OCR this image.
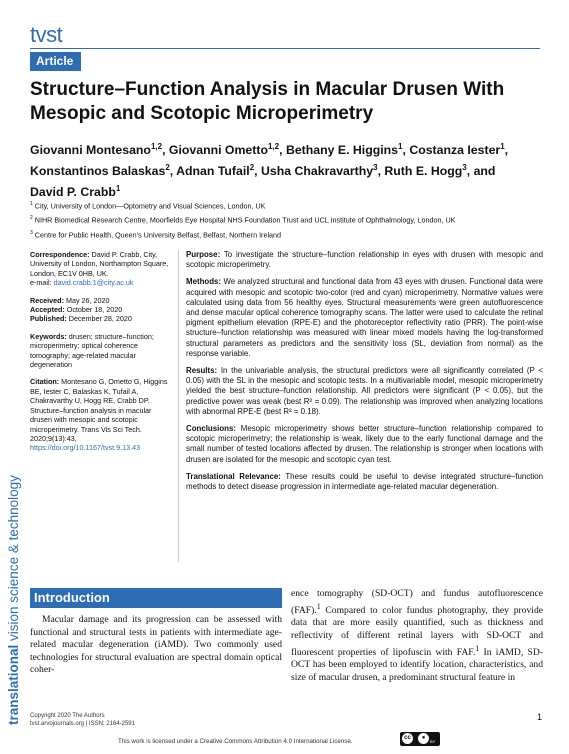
tvst
Article
Structure–Function Analysis in Macular Drusen With Mesopic and Scotopic Microperimetry
Giovanni Montesano$^{1,2}$, Giovanni Ometto$^{1,2}$, Bethany E. Higgins$^1$, Costanza Iester$^1$,
Konstantinos Balaskas$^2$, Adnan Tufail$^2$, Usha Chakravarthy$^3$, Ruth E. Hogg$^3$, and
David P. Crabb$^1$
$^1$ City, University of London—Optometry and Visual Sciences, London, UK
$^2$ NIHR Biomedical Research Centre, Moorfields Eye Hospital NHS Foundation Trust and UCL Institute of Ophthalmology, London, UK
$^3$ Centre for Public Health, Queen's University Belfast, Belfast, Northern Ireland
Correspondence: David P. Crabb, City, University of London, Northampton Square, London, EC1V 0HB, UK.
e-mail: david.crabb.1@city.ac.uk
Received: May 26, 2020
Accepted: October 18, 2020
Published: December 28, 2020
Keywords: drusen; structure–function; microperimetry; optical coherence tomography; age-related macular degeneration
Citation: Montesano G, Ometto G, Higgins BE, Iester C, Balaskas K, Tufail A, Chakravarthy U, Hogg RE, Crabb DP. Structure–function analysis in macular drusen with mesopic and scotopic microperimetry. Trans Vis Sci Tech. 2020;9(13):43, https://doi.org/10.1167/tvst.9.13.43

Purpose: To investigate the structure–function relationship in eyes with drusen with mesopic and scotopic microperimetry.

Methods: We analyzed structural and functional data from 43 eyes with drusen. Functional data were acquired with mesopic and scotopic two-color (red and cyan) microperimetry. Normative values were calculated using data from 56 healthy eyes. Structural measurements were green autofluorescence and dense macular optical coherence tomography scans. The latter were used to calculate the retinal pigment epithelium elevation (RPE-E) and the photoreceptor reflectivity ratio (PRR). The point-wise structure–function relationship was measured with linear mixed models having the log-transformed structural parameters as predictors and the sensitivity loss (SL, deviation from normal) as the response variable.

Results: In the univariable analysis, the structural predictors were all significantly correlated (P < 0.05) with the SL in the mesopic and scotopic tests. In a multivariable model, mesopic microperimetry yielded the best structure–function relationship. All predictors were significant (P < 0.05), but the predictive power was weak (best R² = 0.09). The relationship was improved when analyzing locations with abnormal RPE-E (best R² = 0.18).

Conclusions: Mesopic microperimetry shows better structure–function relationship compared to scotopic microperimetry; the relationship is weak, likely due to the early functional damage and the small number of tested locations affected by drusen. The relationship is stronger when locations with drusen are isolated for the mesopic and scotopic cyan test.

Translational Relevance: These results could be useful to devise integrated structure–function methods to detect disease progression in intermediate age-related macular degeneration.

translational vision science & technology Introduction
Macular damage and its progression can be assessed with functional and structural tests in patients with intermediate age-related macular degeneration (iAMD). Two commonly used technologies for structural evaluation are spectral domain optical coher-
ence tomography (SD-OCT) and fundus autofluorescence (FAF).$^1$ Compared to color fundus photography, they provide data that are more easily quantified, such as thickness and reflectivity of different retinal layers with SD-OCT and fluorescent properties of lipofuscin with FAF.$^1$ In iAMD, SD-OCT has been employed to identify location, characteristics, and size of macular drusen, a predominant structural feature in
Copyright 2020 The Authors
tvst.arvojournals.org | ISSN: 2164-2591
1
This work is licensed under a Creative Commons Attribution 4.0 International License.	cc	●
BY
